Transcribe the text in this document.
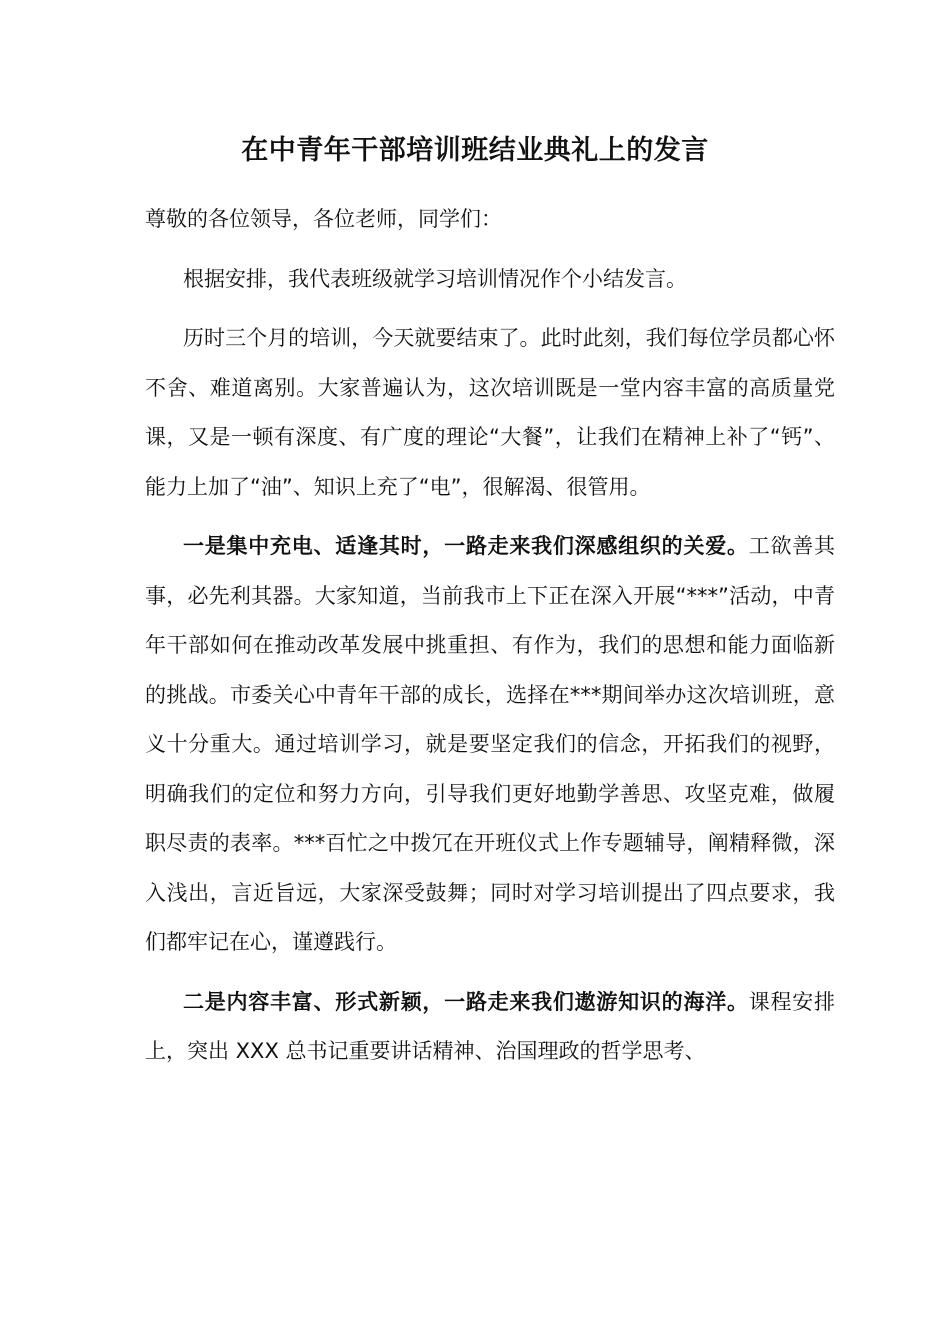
在中青年干部培训班结业典礼上的发言

尊敬的各位领导，各位老师，同学们：

根据安排，我代表班级就学习培训情况作个小结发言。

历时三个月的培训，今天就要结束了。此时此刻，我们每位学员都心怀不舍、难道离别。大家普遍认为，这次培训既是一堂内容丰富的高质量党课，又是一顿有深度、有广度的理论“大餐”，让我们在精神上补了“钙”、能力上加了“油”、知识上充了“电”，很解渴、很管用。

一是集中充电、适逢其时，一路走来我们深感组织的关爱。工欲善其事，必先利其器。大家知道，当前我市上下正在深入开展“***”活动，中青年干部如何在推动改革发展中挑重担、有作为，我们的思想和能力面临新的挑战。市委关心中青年干部的成长，选择在***期间举办这次培训班，意义十分重大。通过培训学习，就是要坚定我们的信念，开拓我们的视野，明确我们的定位和努力方向，引导我们更好地勤学善思、攻坚克难，做履职尽责的表率。***百忙之中拨冗在开班仪式上作专题辅导，阐精释微，深入浅出，言近旨远，大家深受鼓舞；同时对学习培训提出了四点要求，我们都牢记在心，谨遵践行。

二是内容丰富、形式新颖，一路走来我们遨游知识的海洋。课程安排上，突出 XXX 总书记重要讲话精神、治国理政的哲学思考、
